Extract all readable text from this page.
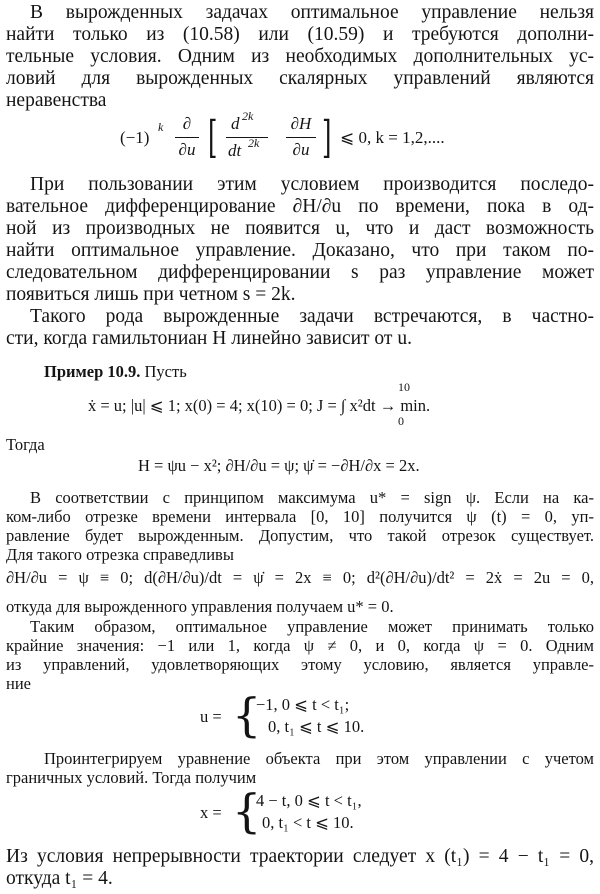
В вырожденных задачах оптимальное управление нельзя
найти только из (10.58) или (10.59) и требуются дополни-
тельные условия. Одним из необходимых дополнительных ус-
ловий для вырожденных скалярных управлений являются
неравенства
(−1)
k	∂
∂u [ d 2k
dt 2k
∂H
∂u ] ⩽ 0, k = 1,2,....
При пользовании этим условием производится последо-
вательное дифференцирование ∂H/∂u по времени, пока в од-
ной из производных не появится u, что и даст возможность
найти оптимальное управление. Доказано, что при таком по-
следовательном дифференцировании s раз управление может
появиться лишь при четном s = 2k.
Такого рода вырожденные задачи встречаются, в частно-
сти, когда гамильтониан H линейно зависит от u.
Пример 10.9. Пусть
10
ẋ = u; |u| ⩽ 1; x(0) = 4; x(10) = 0; J = ∫ x²dt → min.
0
Тогда
H = ψu − x²; ∂H/∂u = ψ; ψ̇ = −∂H/∂x = 2x.
В соответствии с принципом максимума u* = sign ψ. Если на ка-
ком-либо отрезке времени интервала [0, 10] получится ψ (t) = 0, уп-
равление будет вырожденным. Допустим, что такой отрезок существует.
Для такого отрезка справедливы
∂H/∂u = ψ ≡ 0; d(∂H/∂u)/dt = ψ̇ = 2x ≡ 0; d²(∂H/∂u)/dt² = 2ẋ = 2u = 0,
откуда для вырожденного управления получаем u* = 0.
Таким образом, оптимальное управление может принимать только
крайние значения: −1 или 1, когда ψ ≠ 0, и 0, когда ψ = 0. Одним
из управлений, удовлетворяющих этому условию, является управле-
ние
u = {
−1, 0 ⩽ t < t₁;
0, t₁ ⩽ t ⩽ 10.
Проинтегрируем уравнение объекта при этом управлении с учетом
граничных условий. Тогда получим
x = {
4 − t, 0 ⩽ t < t₁,
0, t₁ < t ⩽ 10.
Из условия непрерывности траектории следует x (t₁) = 4 − t₁ = 0,
откуда t₁ = 4.
